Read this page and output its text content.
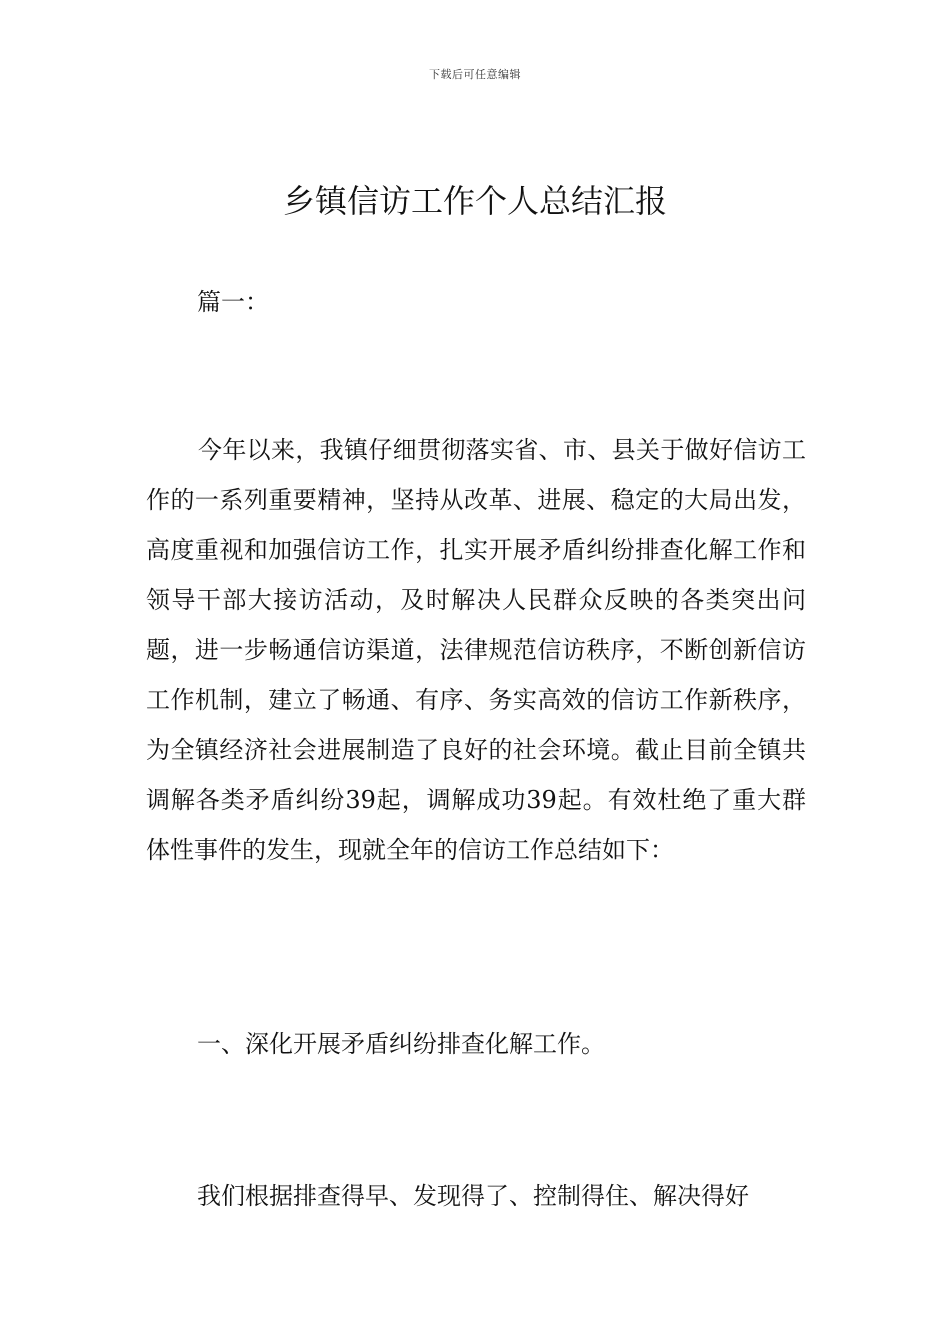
下载后可任意编辑
乡镇信访工作个人总结汇报

篇一：

今年以来，我镇仔细贯彻落实省、市、县关于做好信访工作的一系列重要精神，坚持从改革、进展、稳定的大局出发，高度重视和加强信访工作，扎实开展矛盾纠纷排查化解工作和领导干部大接访活动，及时解决人民群众反映的各类突出问题，进一步畅通信访渠道，法律规范信访秩序，不断创新信访工作机制，建立了畅通、有序、务实高效的信访工作新秩序，为全镇经济社会进展制造了良好的社会环境。截止目前全镇共调解各类矛盾纠纷39起，调解成功39起。有效杜绝了重大群体性事件的发生，现就全年的信访工作总结如下：

一、深化开展矛盾纠纷排查化解工作。

我们根据排查得早、发现得了、控制得住、解决得好
